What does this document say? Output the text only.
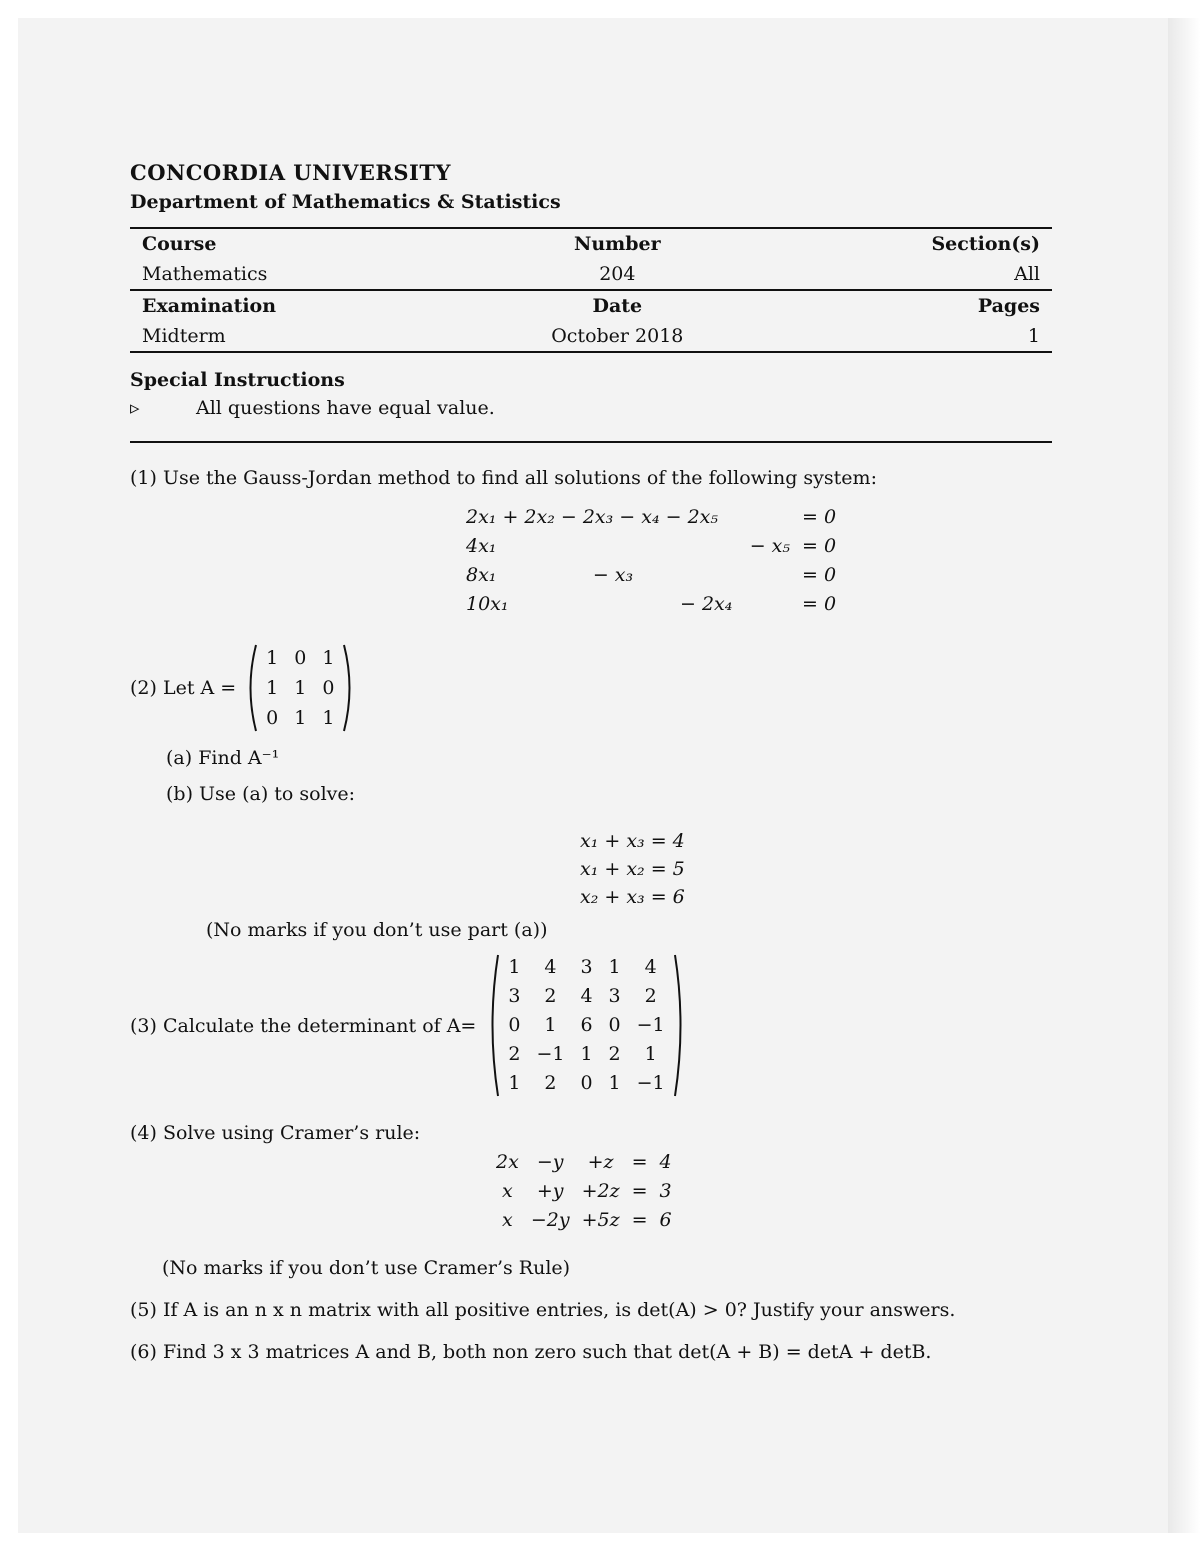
CONCORDIA UNIVERSITY
Department of Mathematics & Statistics
Course	Number	Section(s)
Mathematics	204	All
Examination	Date	Pages
Midterm	October 2018	1
Special Instructions
▹	All questions have equal value.
(1) Use the Gauss-Jordan method to find all solutions of the following system:
2x₁ + 2x₂ − 2x₃ − x₄ − 2x₅			= 0
4x₁		− x₅	= 0
8x₁	− x₃		= 0
10x₁		− 2x₄	= 0
(2) Let A =
1	0	1
1	1	0
0	1	1
(a) Find A⁻¹
(b) Use (a) to solve:
x₁ + x₃ = 4
x₁ + x₂ = 5
x₂ + x₃ = 6
(No marks if you don’t use part (a))
(3) Calculate the determinant of A=
1	4	3	1	4
3	2	4	3	2
0	1	6	0	−1
2	−1	1	2	1
1	2	0	1	−1
(4) Solve using Cramer’s rule:
2x	−y	+z	=	4
x	+y	+2z	=	3
x	−2y	+5z	=	6
(No marks if you don’t use Cramer’s Rule)
(5) If A is an n x n matrix with all positive entries, is det(A) > 0? Justify your answers.
(6) Find 3 x 3 matrices A and B, both non zero such that det(A + B) = detA + detB.
